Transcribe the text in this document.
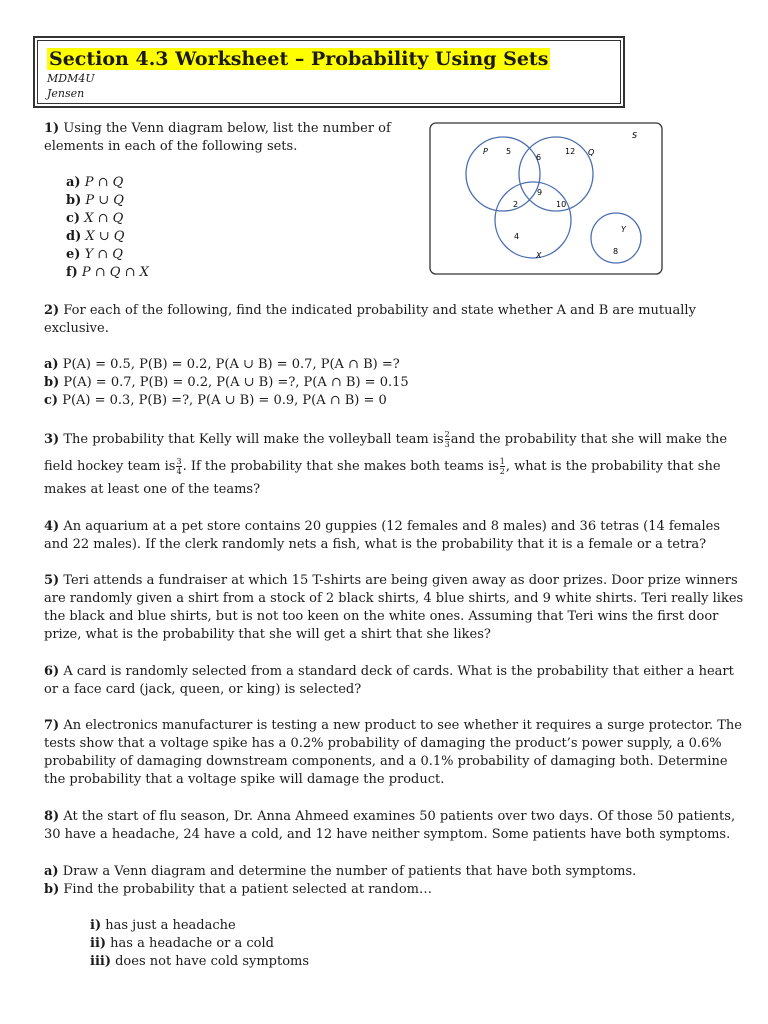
Section 4.3 Worksheet – Probability Using Sets
MDM4U
Jensen
1) Using the Venn diagram below, list the number of
elements in each of the following sets.
a) P ∩ Q
b) P ∪ Q
c) X ∩ Q
d) X ∪ Q
e) Y ∩ Q
f) P ∩ Q ∩ X
S
P	Q
X
Y
5
6
12
9
2	10
4
8
2) For each of the following, find the indicated probability and state whether A and B are mutually
exclusive.
a) P(A) = 0.5, P(B) = 0.2, P(A ∪ B) = 0.7, P(A ∩ B) =?
b) P(A) = 0.7, P(B) = 0.2, P(A ∪ B) =?, P(A ∩ B) = 0.15
c) P(A) = 0.3, P(B) =?, P(A ∪ B) = 0.9, P(A ∩ B) = 0
3) The probability that Kelly will make the volleyball team is $\frac{2}{3}$ and the probability that she will make the
field hockey team is $\frac{3}{4}$ . If the probability that she makes both teams is $\frac{1}{2}$ , what is the probability that she
makes at least one of the teams?
4) An aquarium at a pet store contains 20 guppies (12 females and 8 males) and 36 tetras (14 females
and 22 males). If the clerk randomly nets a fish, what is the probability that it is a female or a tetra?
5) Teri attends a fundraiser at which 15 T-shirts are being given away as door prizes. Door prize winners
are randomly given a shirt from a stock of 2 black shirts, 4 blue shirts, and 9 white shirts. Teri really likes
the black and blue shirts, but is not too keen on the white ones. Assuming that Teri wins the first door
prize, what is the probability that she will get a shirt that she likes?
6) A card is randomly selected from a standard deck of cards. What is the probability that either a heart
or a face card (jack, queen, or king) is selected?
7) An electronics manufacturer is testing a new product to see whether it requires a surge protector. The
tests show that a voltage spike has a 0.2% probability of damaging the product’s power supply, a 0.6%
probability of damaging downstream components, and a 0.1% probability of damaging both. Determine
the probability that a voltage spike will damage the product.
8) At the start of flu season, Dr. Anna Ahmeed examines 50 patients over two days. Of those 50 patients,
30 have a headache, 24 have a cold, and 12 have neither symptom. Some patients have both symptoms.
a) Draw a Venn diagram and determine the number of patients that have both symptoms.
b) Find the probability that a patient selected at random…
i) has just a headache
ii) has a headache or a cold
iii) does not have cold symptoms
